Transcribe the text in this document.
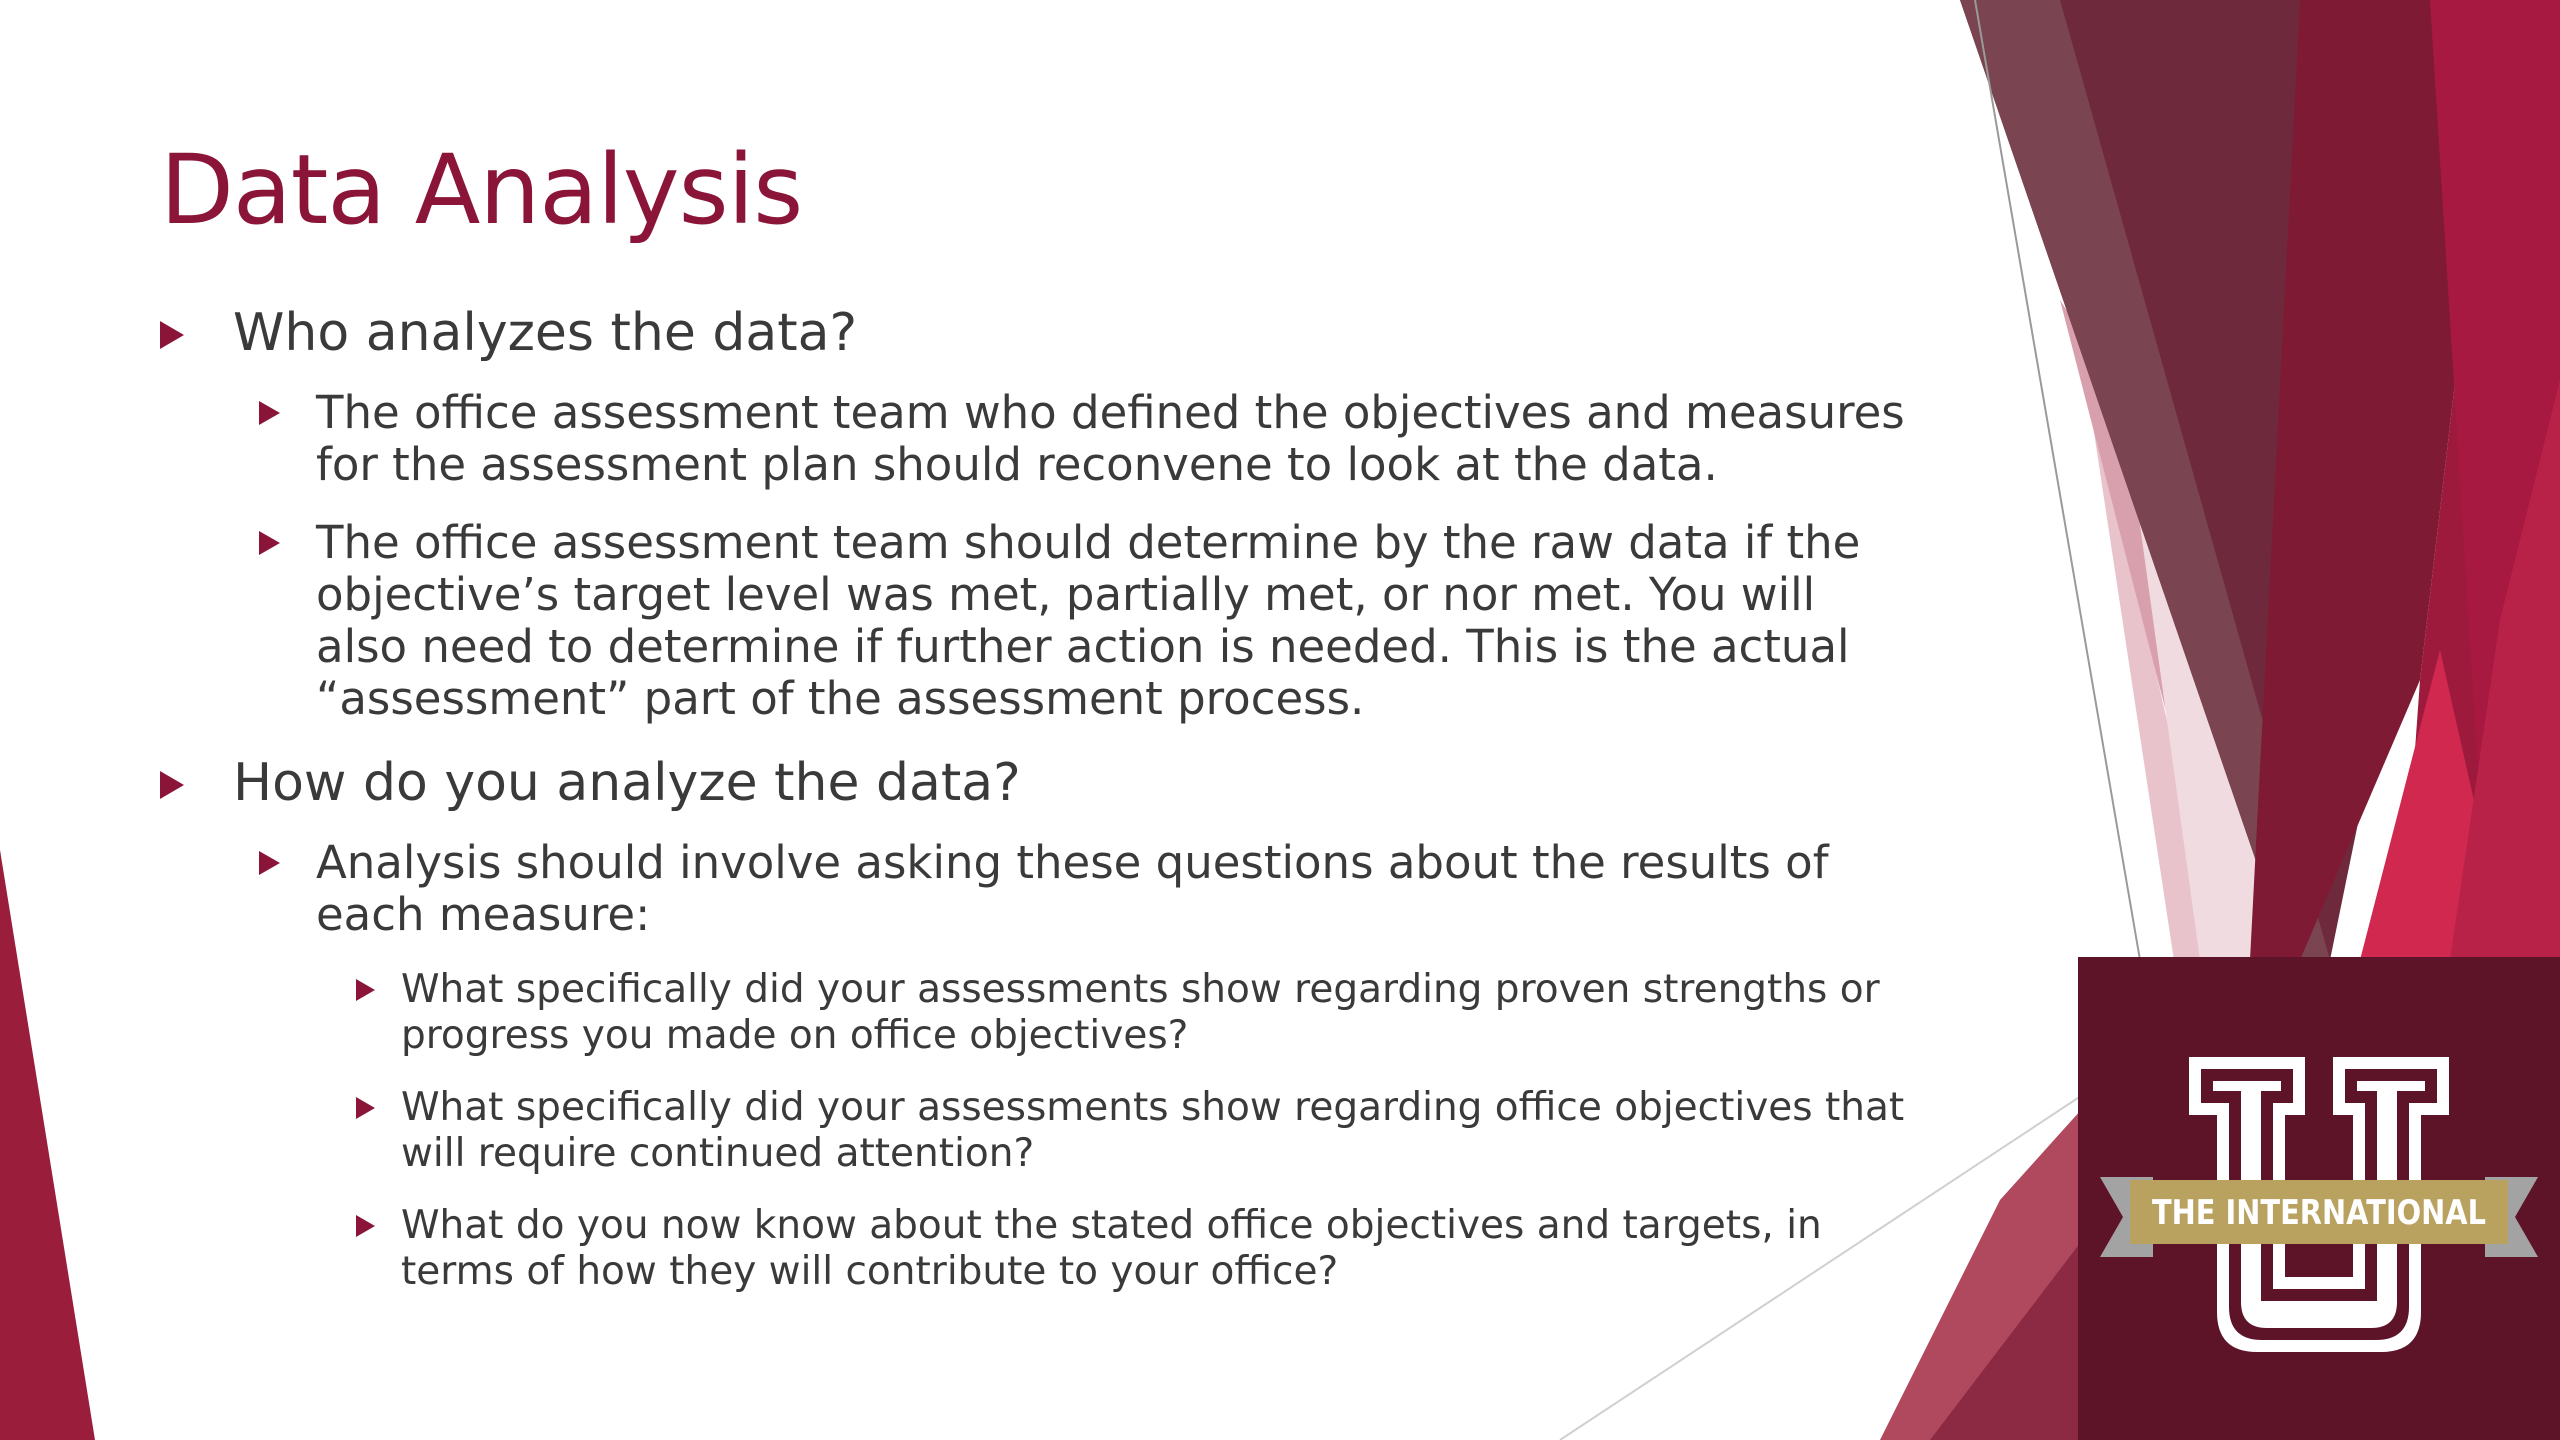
Data Analysis
Who analyzes the data?
The office assessment team who defined the objectives and measures for the assessment plan should reconvene to look at the data.
The office assessment team should determine by the raw data if the objective’s target level was met, partially met, or nor met. You will also need to determine if further action is needed. This is the actual “assessment” part of the assessment process.
How do you analyze the data?
Analysis should involve asking these questions about the results of each measure:
What specifically did your assessments show regarding proven strengths or progress you made on office objectives?
What specifically did your assessments show regarding office objectives that will require continued attention?
What do you now know about the stated office objectives and targets, in terms of how they will contribute to your office?
THE INTERNATIONAL
